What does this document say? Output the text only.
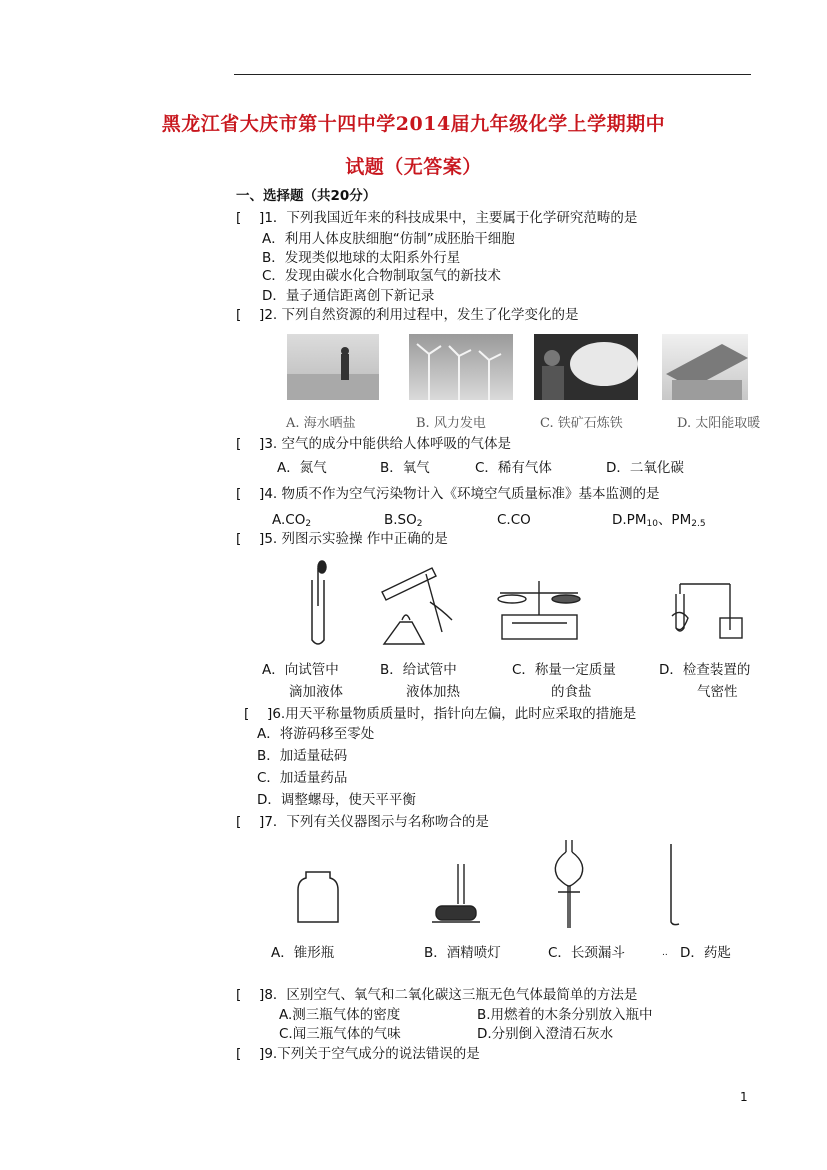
黑龙江省大庆市第十四中学2014届九年级化学上学期期中
试题（无答案）
一、选择题（共20分）
[　 ]1．下列我国近年来的科技成果中，主要属于化学研究范畴的是
A．利用人体皮肤细胞“仿制”成胚胎干细胞
B．发现类似地球的太阳系外行星
C．发现由碳水化合物制取氢气的新技术
D．量子通信距离创下新记录
[　 ]2. 下列自然资源的利用过程中，发生了化学变化的是
A. 海水晒盐	B. 风力发电	C. 铁矿石炼铁	D. 太阳能取暖
[　 ]3. 空气的成分中能供给人体呼吸的气体是
A．氮气	B．氧气	C．稀有气体	D．二氧化碳
[　 ]4. 物质不作为空气污染物计入《环境空气质量标准》基本监测的是
$A.CO_2$	$B.SO_2$	C.CO	$D.PM_{10}$、$PM_{2.5}$
[　 ]5. 列图示实验操 作中正确的是
A．向试管中
滴加液体
B．给试管中
液体加热
C．称量一定质量
的食盐
D．检查装置的
气密性
[　 ]6.用天平称量物质质量时，指针向左偏，此时应采取的措施是
A．将游码移至零处
B．加适量砝码
C．加适量药品
D．调整螺母，使天平平衡
[　 ]7．下列有关仪器图示与名称吻合的是
A．锥形瓶	B．酒精喷灯	C．长颈漏斗	.. D．药匙
[　 ]8．区别空气、氧气和二氧化碳这三瓶无色气体最简单的方法是
A.测三瓶气体的密度	B.用燃着的木条分别放入瓶中
C.闻三瓶气体的气味	D.分别倒入澄清石灰水
[　 ]9.下列关于空气成分的说法错误的是
1
